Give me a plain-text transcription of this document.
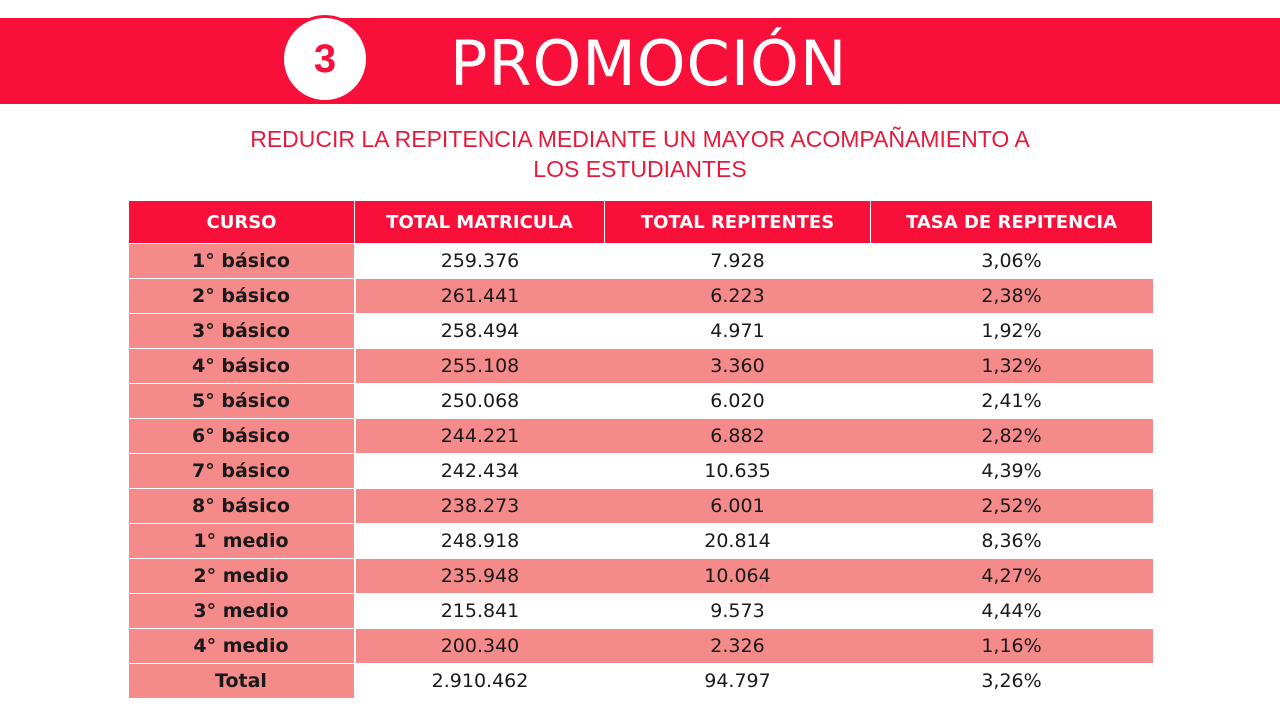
3	PROMOCIÓN
REDUCIR LA REPITENCIA MEDIANTE UN MAYOR ACOMPAÑAMIENTO A
LOS ESTUDIANTES
CURSO	TOTAL MATRICULA	TOTAL REPITENTES	TASA DE REPITENCIA
1° básico	259.376	7.928	3,06%
2° básico	261.441	6.223	2,38%
3° básico	258.494	4.971	1,92%
4° básico	255.108	3.360	1,32%
5° básico	250.068	6.020	2,41%
6° básico	244.221	6.882	2,82%
7° básico	242.434	10.635	4,39%
8° básico	238.273	6.001	2,52%
1° medio	248.918	20.814	8,36%
2° medio	235.948	10.064	4,27%
3° medio	215.841	9.573	4,44%
4° medio	200.340	2.326	1,16%
Total	2.910.462	94.797	3,26%
